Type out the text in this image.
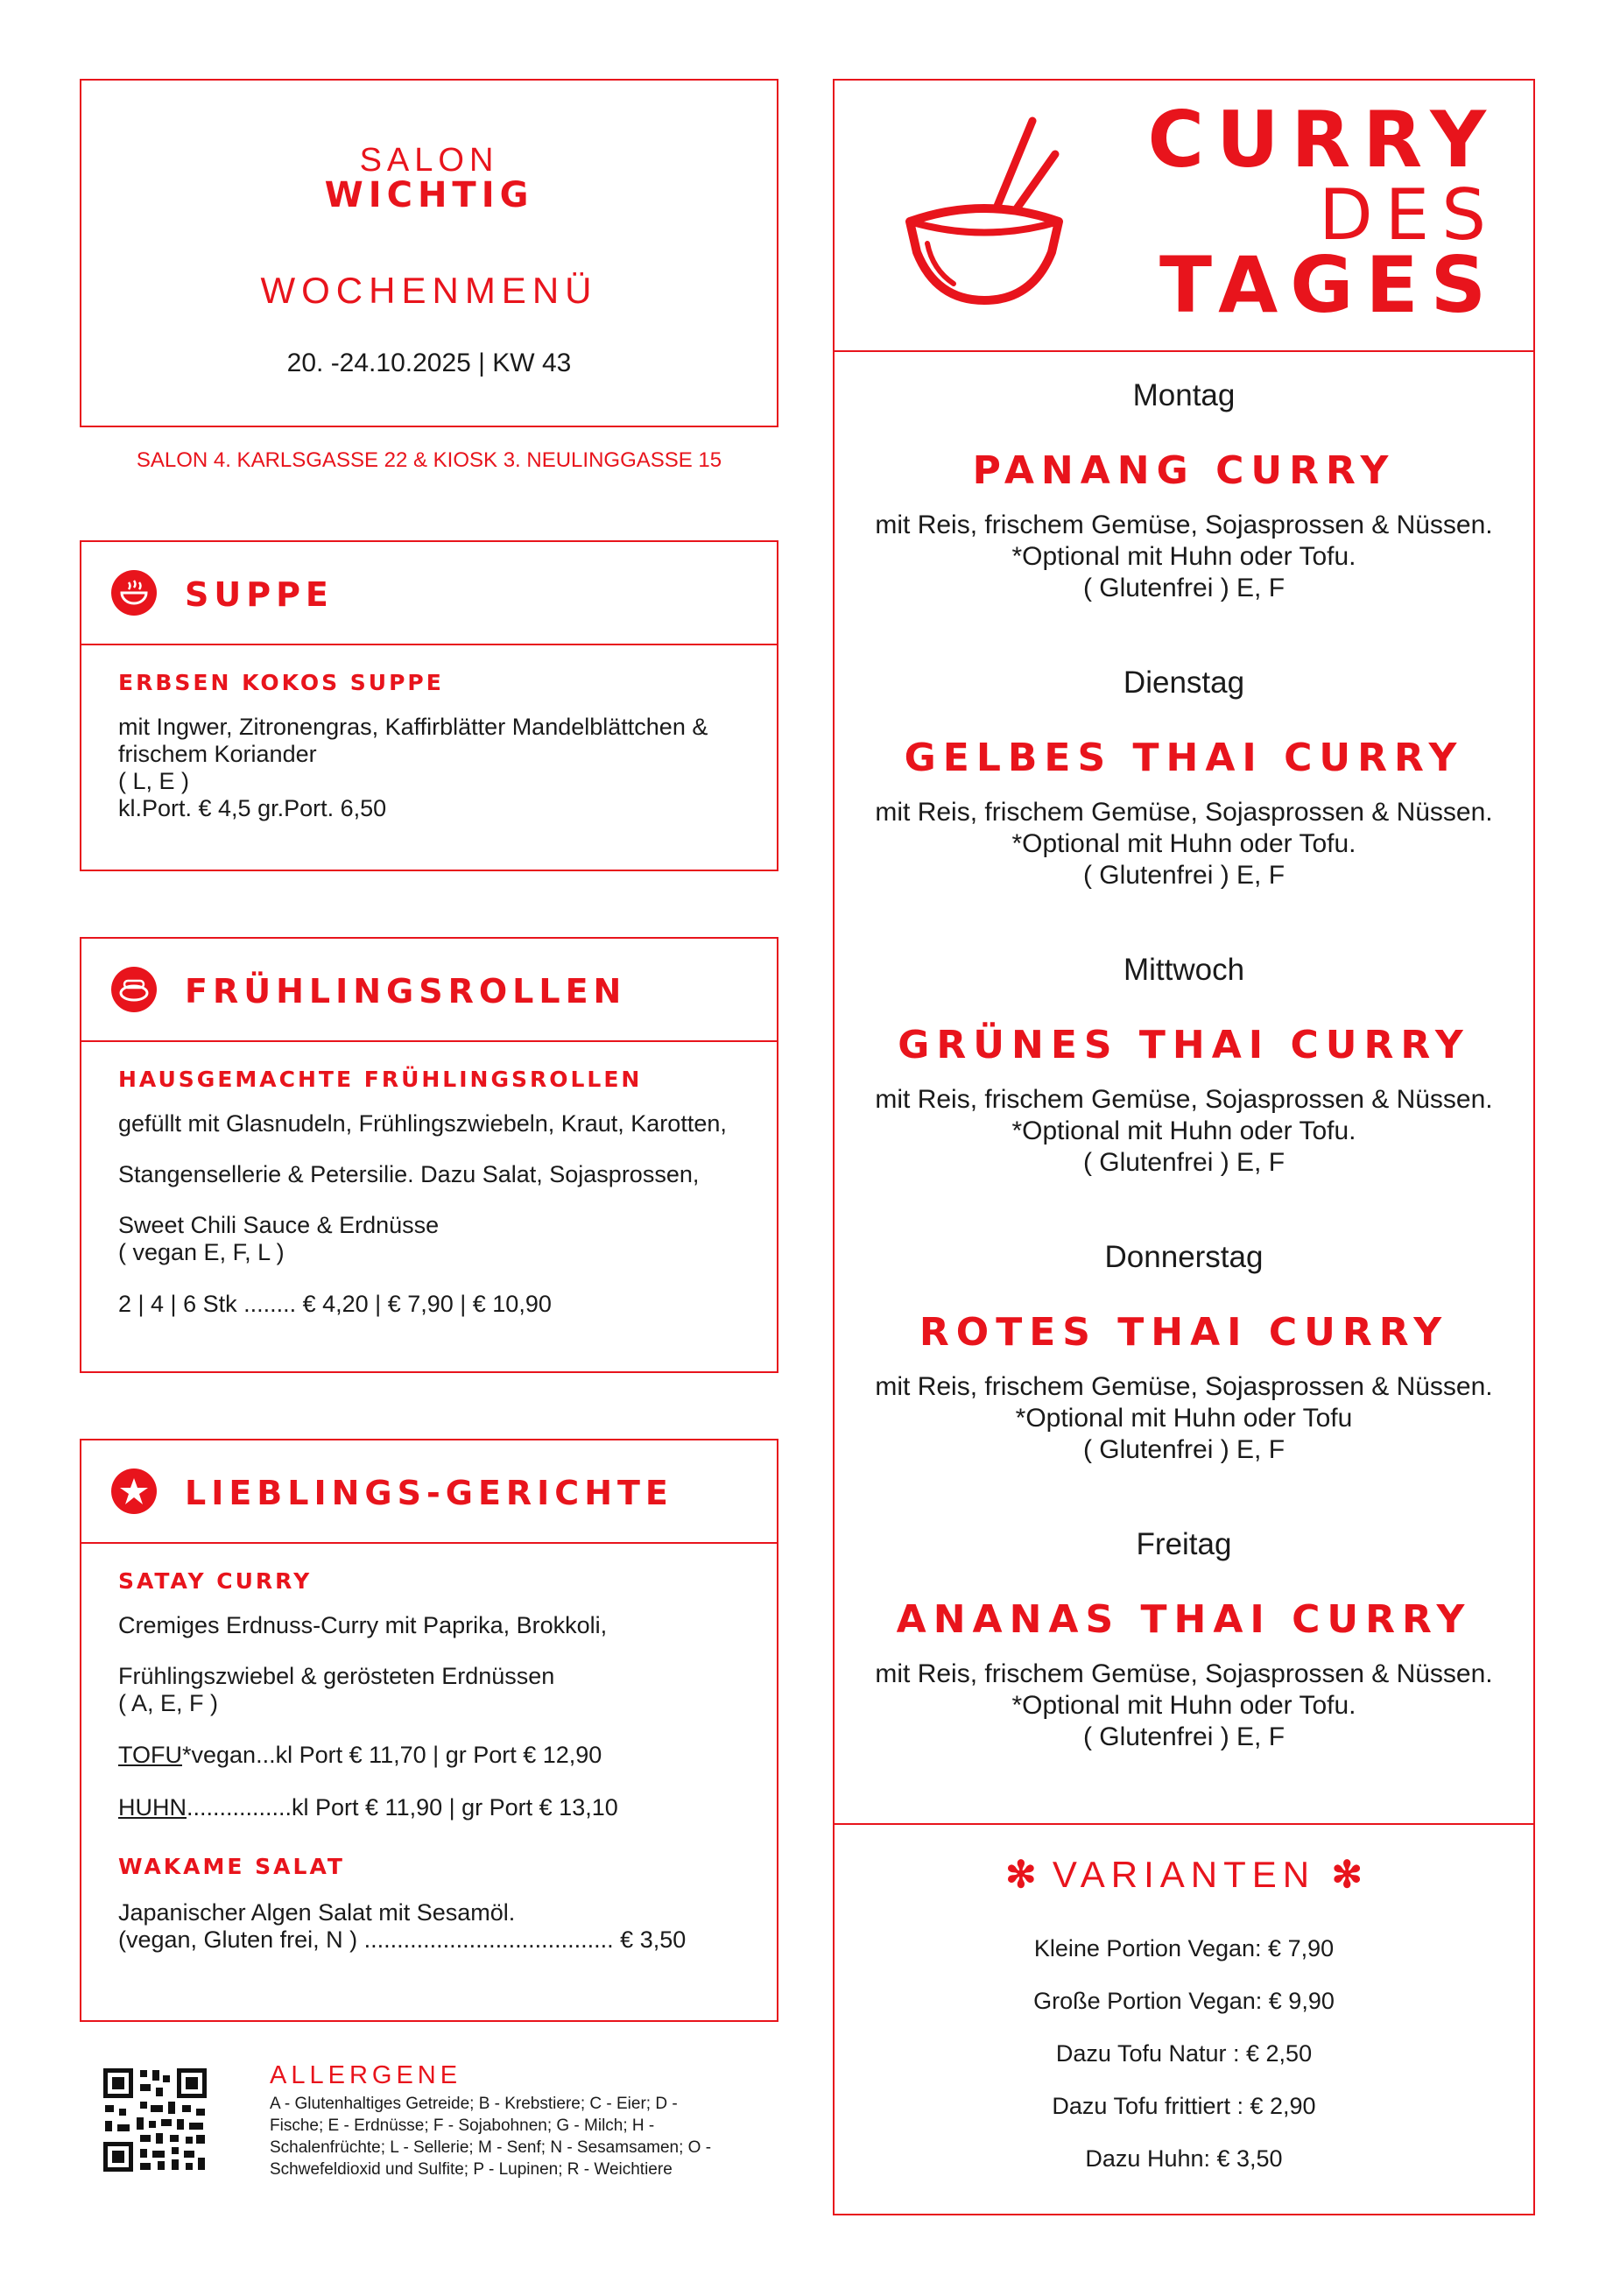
SALON
WICHTIG
WOCHENMENÜ
20. -24.10.2025 | KW 43
SALON 4. KARLSGASSE 22 & KIOSK 3. NEULINGGASSE 15
SUPPE
ERBSEN KOKOS SUPPE
mit Ingwer, Zitronengras, Kaffirblätter Mandelblättchen &
frischem Koriander
( L, E )
kl.Port. € 4,5 gr.Port. 6,50
FRÜHLINGSROLLEN
HAUSGEMACHTE FRÜHLINGSROLLEN
gefüllt mit Glasnudeln, Frühlingszwiebeln, Kraut, Karotten,
Stangensellerie & Petersilie. Dazu Salat, Sojasprossen,
Sweet Chili Sauce & Erdnüsse
( vegan E, F, L )
2 | 4 | 6 Stk ........ € 4,20 | € 7,90 | € 10,90
LIEBLINGS-GERICHTE
SATAY CURRY
Cremiges Erdnuss-Curry mit Paprika, Brokkoli,
Frühlingszwiebel & gerösteten Erdnüssen
( A, E, F )
TOFU*vegan...kl Port € 11,70 | gr Port € 12,90
HUHN................kl Port € 11,90 | gr Port € 13,10
WAKAME SALAT
Japanischer Algen Salat mit Sesamöl.
(vegan, Gluten frei, N ) ...................................... € 3,50
ALLERGENE
A - Glutenhaltiges Getreide; B - Krebstiere; C - Eier; D -
Fische; E - Erdnüsse; F - Sojabohnen; G - Milch; H -
Schalenfrüchte; L - Sellerie; M - Senf; N - Sesamsamen; O -
Schwefeldioxid und Sulfite; P - Lupinen; R - Weichtiere
CURRY
DES
TAGES
Montag
PANANG CURRY
mit Reis, frischem Gemüse, Sojasprossen & Nüssen.
*Optional mit Huhn oder Tofu.
( Glutenfrei ) E, F
Dienstag
GELBES THAI CURRY
mit Reis, frischem Gemüse, Sojasprossen & Nüssen.
*Optional mit Huhn oder Tofu.
( Glutenfrei ) E, F
Mittwoch
GRÜNES THAI CURRY
mit Reis, frischem Gemüse, Sojasprossen & Nüssen.
*Optional mit Huhn oder Tofu.
( Glutenfrei ) E, F
Donnerstag
ROTES THAI CURRY
mit Reis, frischem Gemüse, Sojasprossen & Nüssen.
*Optional mit Huhn oder Tofu
( Glutenfrei ) E, F
Freitag
ANANAS THAI CURRY
mit Reis, frischem Gemüse, Sojasprossen & Nüssen.
*Optional mit Huhn oder Tofu.
( Glutenfrei ) E, F
✻ VARIANTEN ✻
Kleine Portion Vegan: € 7,90
Große Portion Vegan: € 9,90
Dazu Tofu Natur : € 2,50
Dazu Tofu frittiert : € 2,90
Dazu Huhn: € 3,50
